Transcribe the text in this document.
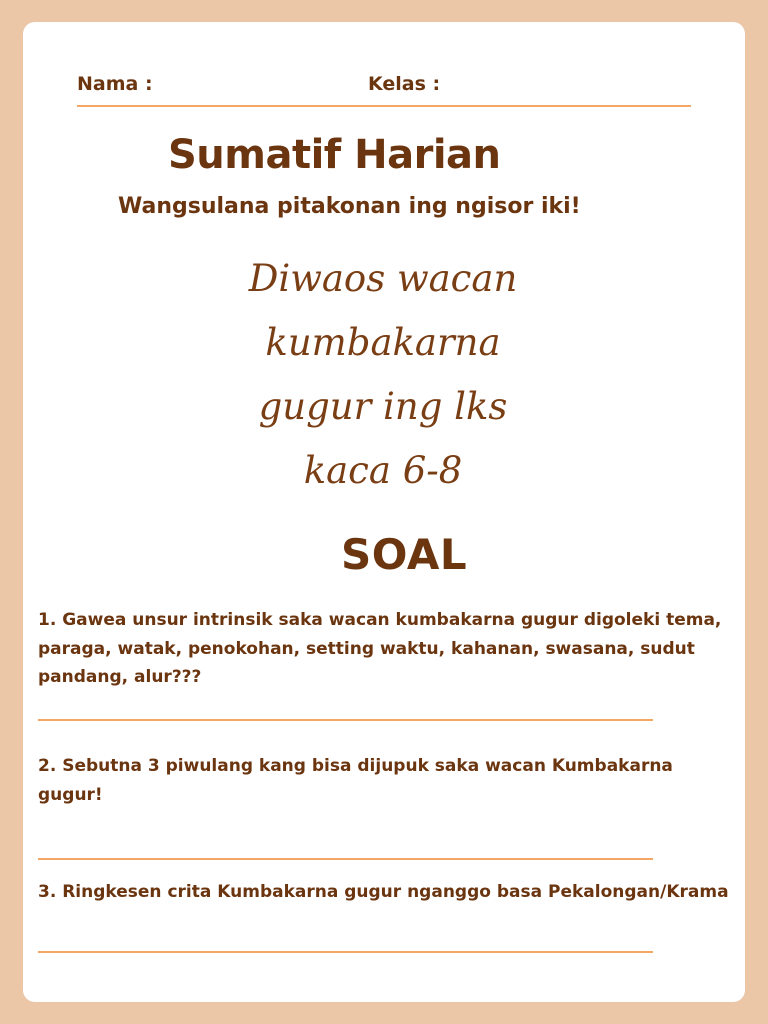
Nama :	Kelas :
Sumatif Harian
Wangsulana pitakonan ing ngisor iki!
Diwaos wacan
kumbakarna
gugur ing lks
kaca 6-8
SOAL
1. Gawea unsur intrinsik saka wacan kumbakarna gugur digoleki tema, paraga, watak, penokohan, setting waktu, kahanan, swasana, sudut pandang, alur???
2. Sebutna 3 piwulang kang bisa dijupuk saka wacan Kumbakarna gugur!
3. Ringkesen crita Kumbakarna gugur nganggo basa Pekalongan/Krama
